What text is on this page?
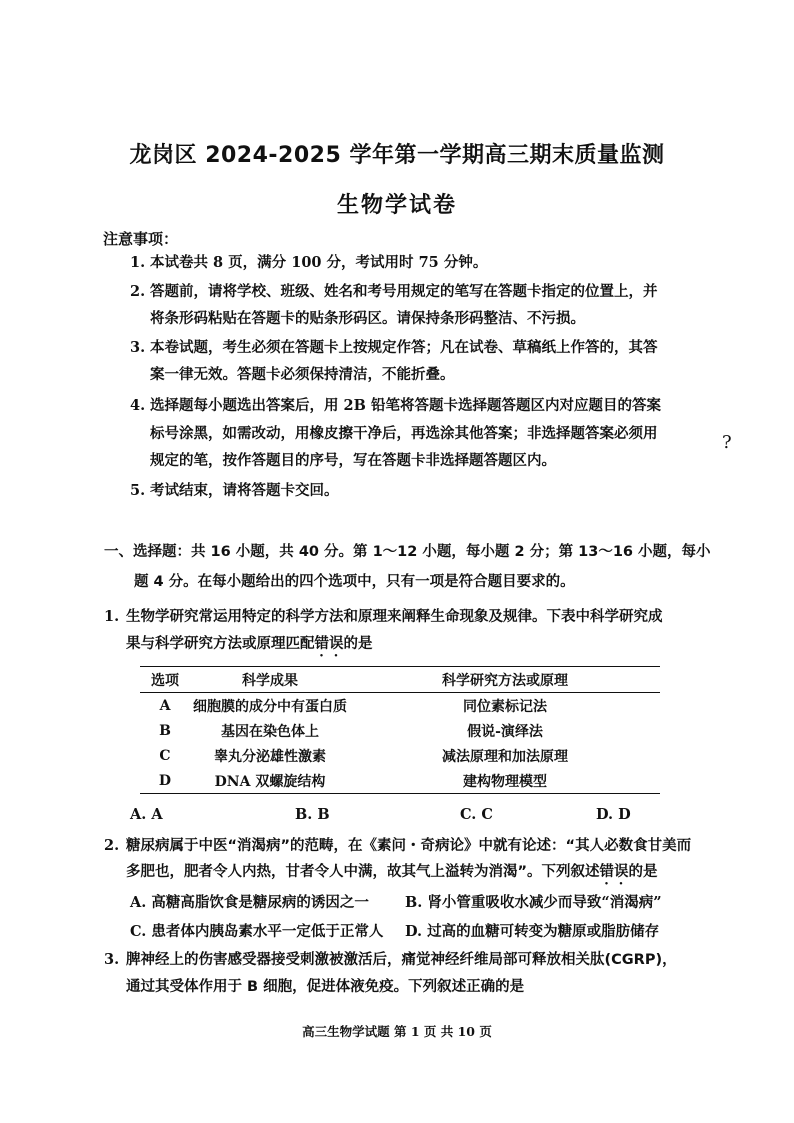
龙岗区 2024-2025 学年第一学期高三期末质量监测
生物学试卷
注意事项：
1. 本试卷共 8 页，满分 100 分，考试用时 75 分钟。
2. 答题前，请将学校、班级、姓名和考号用规定的笔写在答题卡指定的位置上，并
将条形码粘贴在答题卡的贴条形码区。请保持条形码整洁、不污损。
3. 本卷试题，考生必须在答题卡上按规定作答；凡在试卷、草稿纸上作答的，其答
案一律无效。答题卡必须保持清洁，不能折叠。
4. 选择题每小题选出答案后，用 2B 铅笔将答题卡选择题答题区内对应题目的答案
标号涂黑，如需改动，用橡皮擦干净后，再选涂其他答案；非选择题答案必须用
规定的笔，按作答题目的序号，写在答题卡非选择题答题区内。
5. 考试结束，请将答题卡交回。
?
一、选择题：共 16 小题，共 40 分。第 1～12 小题，每小题 2 分；第 13～16 小题，每小
题 4 分。在每小题给出的四个选项中，只有一项是符合题目要求的。
1. 生物学研究常运用特定的科学方法和原理来阐释生命现象及规律。下表中科学研究成
果与科学研究方法或原理匹配错误的是
选项	科学成果	科学研究方法或原理
A	细胞膜的成分中有蛋白质	同位素标记法
B	基因在染色体上	假说-演绎法
C	睾丸分泌雄性激素	减法原理和加法原理
D	DNA 双螺旋结构	建构物理模型
A. A	B. B	C. C	D. D
2. 糖尿病属于中医“消渴病”的范畴，在《素问・奇病论》中就有论述：“其人必数食甘美而
多肥也，肥者令人内热，甘者令人中满，故其气上溢转为消渴”。下列叙述错误的是
A. 高糖高脂饮食是糖尿病的诱因之一 B. 肾小管重吸收水减少而导致“消渴病”
C. 患者体内胰岛素水平一定低于正常人 D. 过高的血糖可转变为糖原或脂肪储存
3. 脾神经上的伤害感受器接受刺激被激活后，痛觉神经纤维局部可释放相关肽(CGRP)，
通过其受体作用于 B 细胞，促进体液免疫。下列叙述正确的是
高三生物学试题 第 1 页 共 10 页
